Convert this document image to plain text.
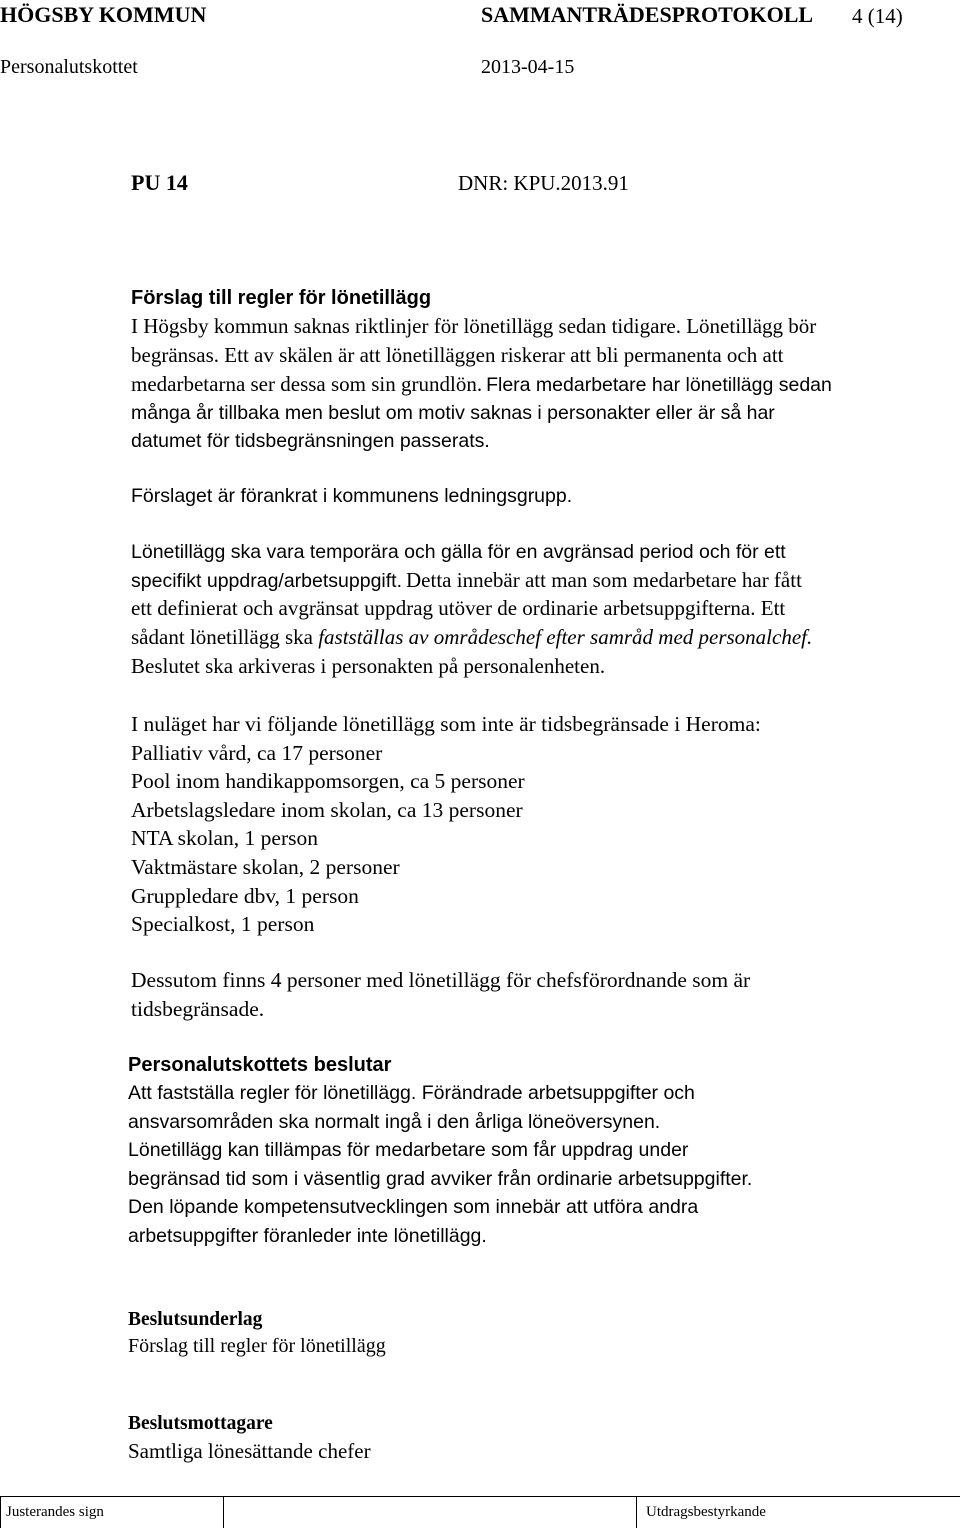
HÖGSBY KOMMUN	SAMMANTRÄDESPROTOKOLL 4 (14)
Personalutskottet	2013-04-15
PU 14	DNR: KPU.2013.91
Förslag till regler för lönetillägg
I Högsby kommun saknas riktlinjer för lönetillägg sedan tidigare. Lönetillägg bör
begränsas. Ett av skälen är att lönetilläggen riskerar att bli permanenta och att
medarbetarna ser dessa som sin grundlön. Flera medarbetare har lönetillägg sedan
många år tillbaka men beslut om motiv saknas i personakter eller är så har
datumet för tidsbegränsningen passerats.
Förslaget är förankrat i kommunens ledningsgrupp.
Lönetillägg ska vara temporära och gälla för en avgränsad period och för ett
specifikt uppdrag/arbetsuppgift. Detta innebär att man som medarbetare har fått
ett definierat och avgränsat uppdrag utöver de ordinarie arbetsuppgifterna. Ett
sådant lönetillägg ska fastställas av områdeschef efter samråd med personalchef.
Beslutet ska arkiveras i personakten på personalenheten.
I nuläget har vi följande lönetillägg som inte är tidsbegränsade i Heroma:
Palliativ vård, ca 17 personer
Pool inom handikappomsorgen, ca 5 personer
Arbetslagsledare inom skolan, ca 13 personer
NTA skolan, 1 person
Vaktmästare skolan, 2 personer
Gruppledare dbv, 1 person
Specialkost, 1 person
Dessutom finns 4 personer med lönetillägg för chefsförordnande som är
tidsbegränsade.
Personalutskottets beslutar
Att fastställa regler för lönetillägg. Förändrade arbetsuppgifter och
ansvarsområden ska normalt ingå i den årliga löneöversynen.
Lönetillägg kan tillämpas för medarbetare som får uppdrag under
begränsad tid som i väsentlig grad avviker från ordinarie arbetsuppgifter.
Den löpande kompetensutvecklingen som innebär att utföra andra
arbetsuppgifter föranleder inte lönetillägg.
Beslutsunderlag
Förslag till regler för lönetillägg
Beslutsmottagare
Samtliga lönesättande chefer
Justerandes sign	Utdragsbestyrkande
